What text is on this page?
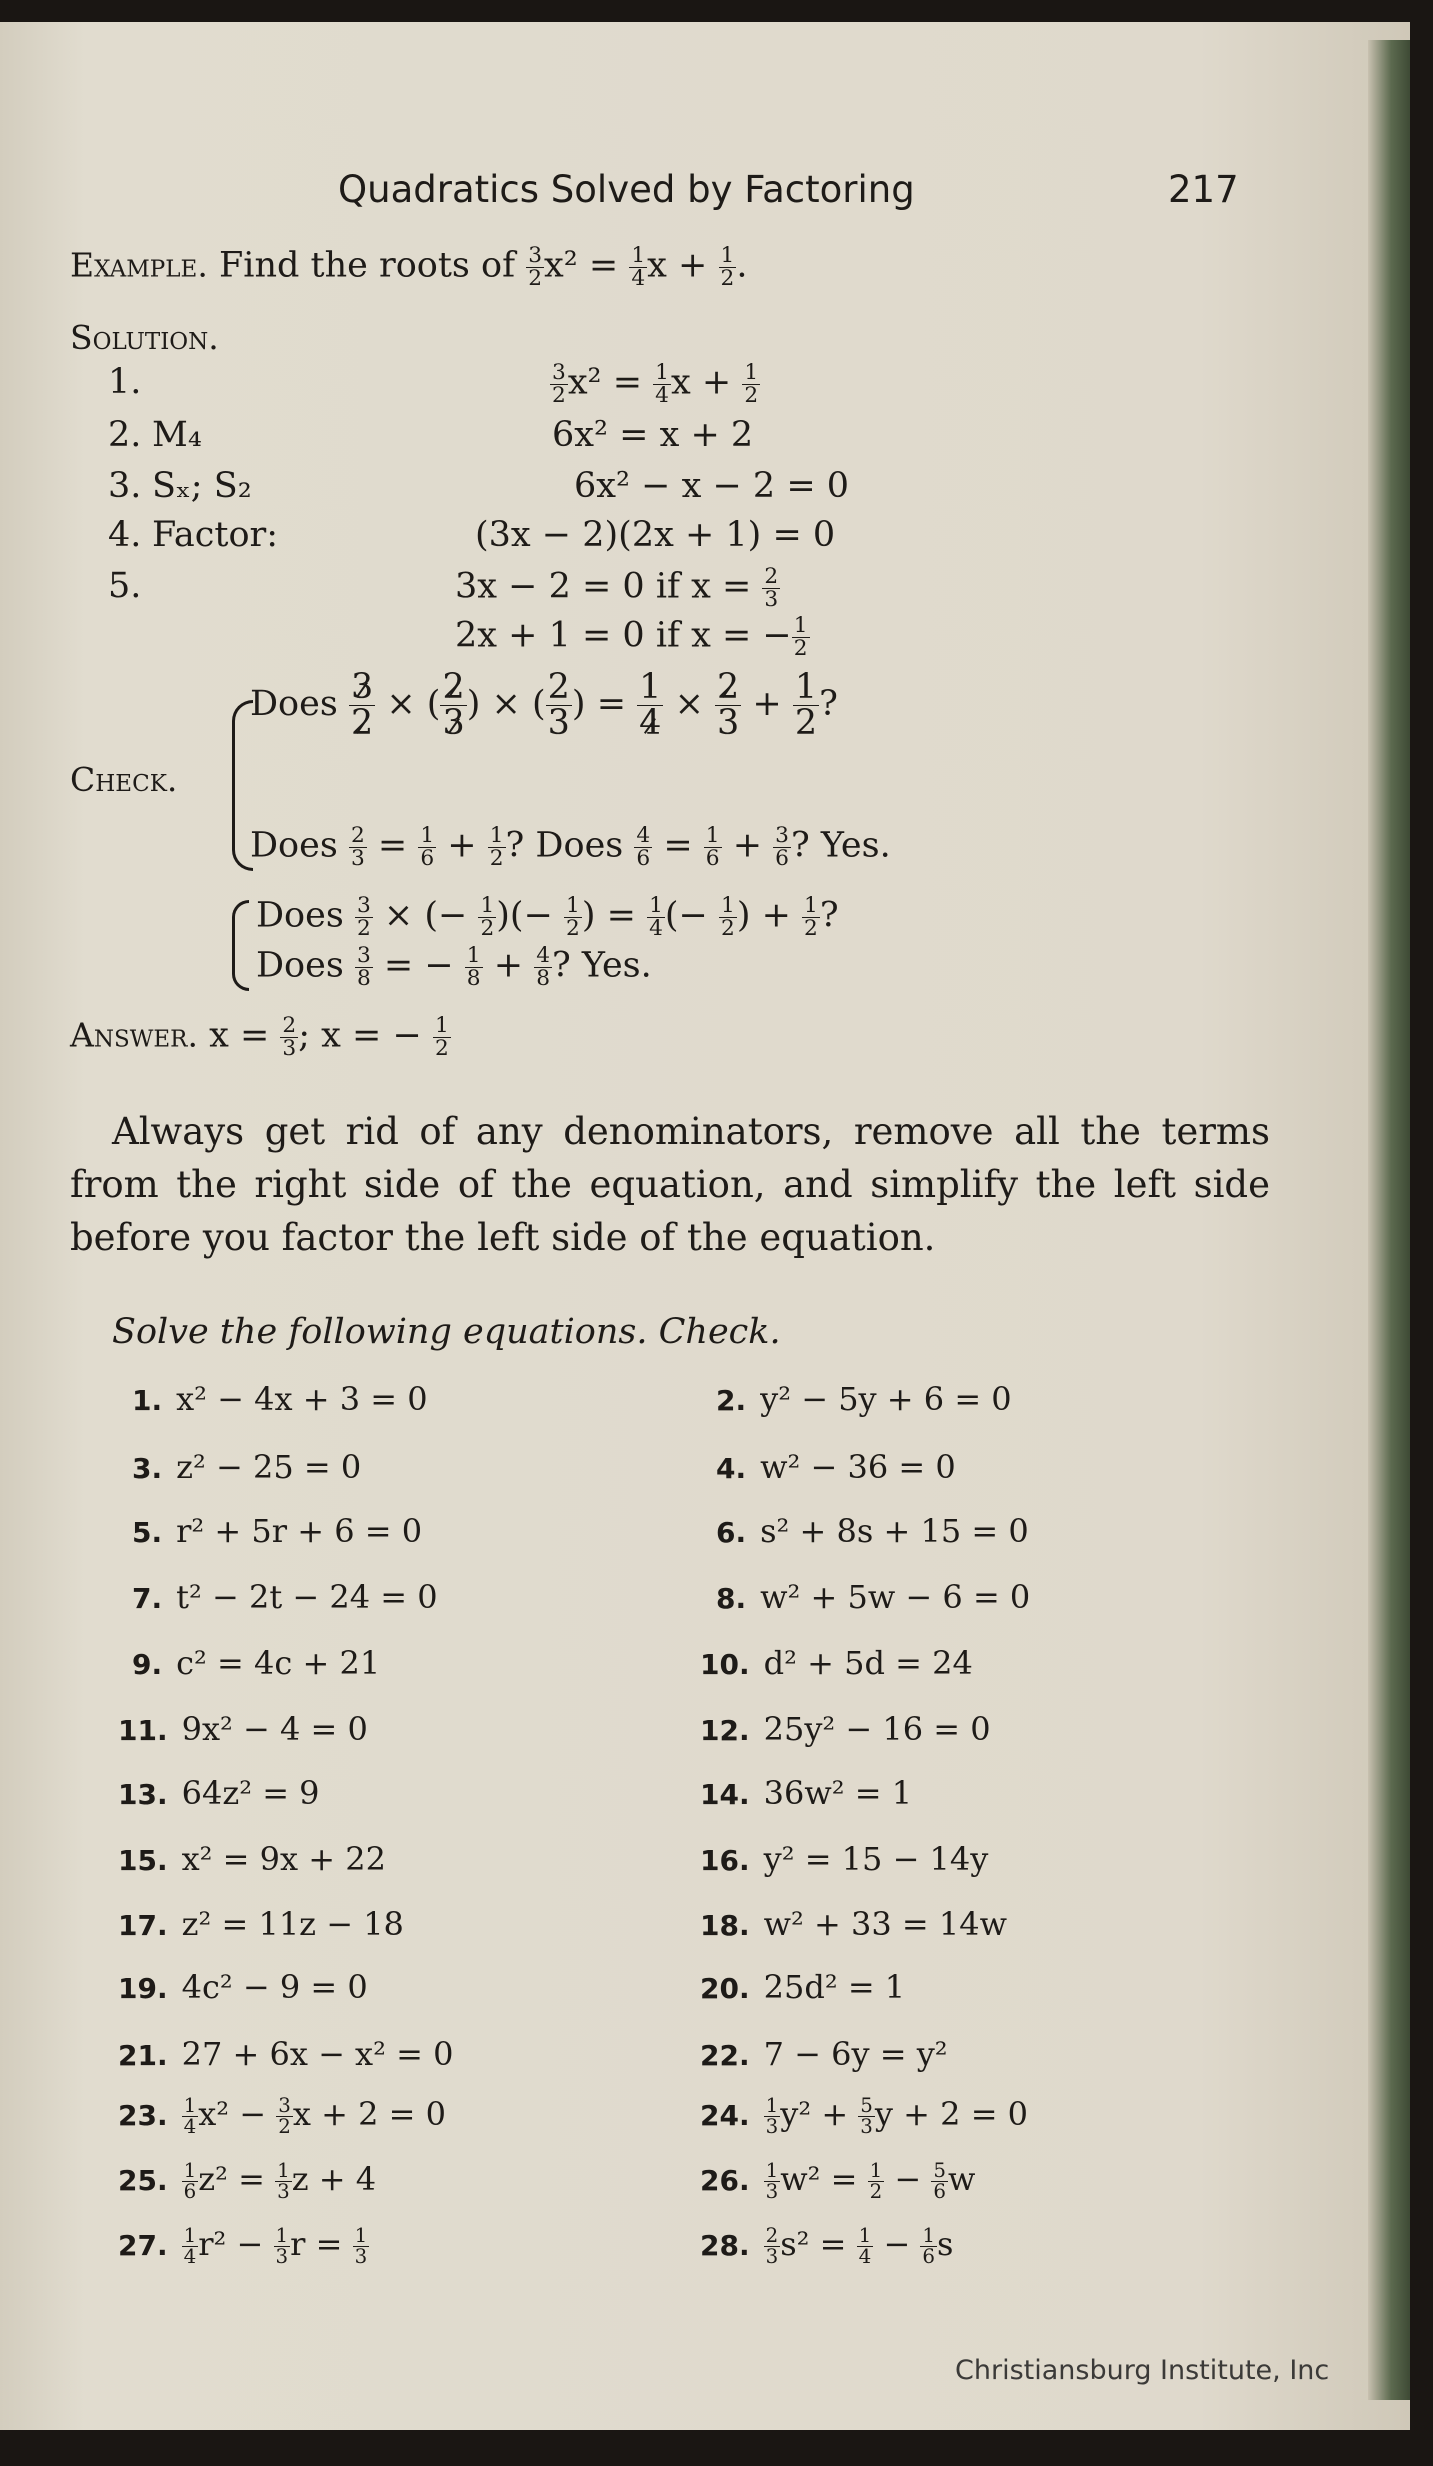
Quadratics Solved by Factoring	217
Example. Find the roots of $\frac{3}{2} x^2 = \frac{1}{4}$ $x + \frac{1}{2}$ .
Solution.
1.	$\frac{3}{2} x^2 = \frac{1}{4}$ $x + \frac{1}{2}$
2. M₄	6x² = x + 2
3. Sₓ; S₂	6x² − x − 2 = 0
4. Factor:	(3x − 2)(2x + 1) = 0
5.	3x − 2 = 0 if $x = \frac{2}{3}$
2x + 1 = 0 if x = − $\frac{1}{2}$
Check.
Does $\frac{3}{2}$ × ( $\frac{2}{3}$ ) × ( $\frac{2}{3}$ ) = $\frac{1}{4} \times \frac{2}{3} + \frac{1}{2}$ ?
Does $\frac{2}{3} = \frac{1}{6} + \frac{1}{2}$ ? Does $\frac{4}{6} = \frac{1}{6} + \frac{3}{6}$ ? Yes.
Does $\frac{3}{2}$ × (− $\frac{1}{2}$ )(− $\frac{1}{2}$ ) = $\frac{1}{4}$ (− $\frac{1}{2}$ ) + $\frac{1}{2}$ ?
Does $\frac{3}{8}$ = − $\frac{1}{8} + \frac{4}{8}$ ? Yes.
Answer. $x = \frac{2}{3}$ ; x = − $\frac{1}{2}$
Always get rid of any denominators, remove all the terms from the right side of the equation, and simplify the left side before you factor the left side of the equation.
Solve the following equations. Check.
1. x² − 4x + 3 = 0	2. y² − 5y + 6 = 0
3. z² − 25 = 0	4. w² − 36 = 0
5. r² + 5r + 6 = 0	6. s² + 8s + 15 = 0
7. t² − 2t − 24 = 0	8. w² + 5w − 6 = 0
9. c² = 4c + 21	10. d² + 5d = 24
11. 9x² − 4 = 0	12. 25y² − 16 = 0
13. 64z² = 9	14. 36w² = 1
15. x² = 9x + 22	16. y² = 15 − 14y
17. z² = 11z − 18	18. w² + 33 = 14w
19. 4c² − 9 = 0	20. 25d² = 1
21. 27 + 6x − x² = 0	22. 7 − 6y = y²
23. $\frac{1}{4} x^2 - \frac{3}{2}$ x + 2 = 0	24. $\frac{1}{3} y^2 + \frac{5}{3}$ y + 2 = 0
25. $\frac{1}{6} z^2 = \frac{1}{3}$ z + 4	26. $\frac{1}{3} w^2 = \frac{1}{2} - \frac{5}{6}$ w
27. $\frac{1}{4} r^2 - \frac{1}{3}$ $r = \frac{1}{3}$	28. $\frac{2}{3} s^2 = \frac{1}{4} - \frac{1}{6}$ s
Christiansburg Institute, Inc
